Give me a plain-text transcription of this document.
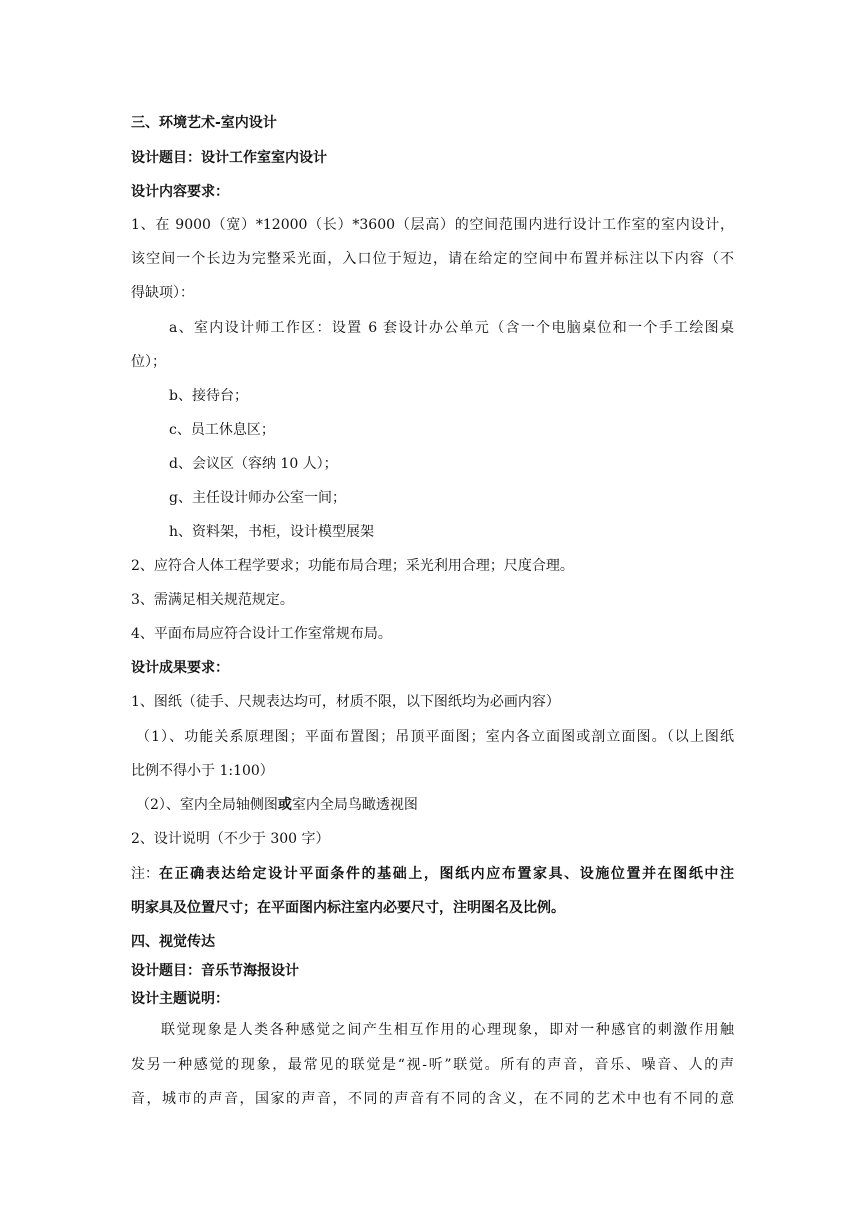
三、环境艺术-室内设计
设计题目：设计工作室室内设计
设计内容要求：
1、在 9000（宽）*12000（长）*3600（层高）的空间范围内进行设计工作室的室内设计，
该空间一个长边为完整采光面，入口位于短边，请在给定的空间中布置并标注以下内容（不
得缺项）：
a、室内设计师工作区：设置 6 套设计办公单元（含一个电脑桌位和一个手工绘图桌
位）；
b、接待台；
c、员工休息区；
d、会议区（容纳 10 人）；
g、主任设计师办公室一间；
h、资料架，书柜，设计模型展架
2、应符合人体工程学要求；功能布局合理；采光利用合理；尺度合理。
3、需满足相关规范规定。
4、平面布局应符合设计工作室常规布局。
设计成果要求：
1、图纸（徒手、尺规表达均可，材质不限，以下图纸均为必画内容）
（1）、功能关系原理图；平面布置图；吊顶平面图；室内各立面图或剖立面图。（以上图纸
比例不得小于 1:100）
（2）、室内全局轴侧图或室内全局鸟瞰透视图
2、设计说明（不少于 300 字）
注： 在正确表达给定设计平面条件的基础上，图纸内应布置家具、设施位置并在图纸中注
明家具及位置尺寸；在平面图内标注室内必要尺寸，注明图名及比例。
四、视觉传达
设计题目：音乐节海报设计
设计主题说明：
联觉现象是人类各种感觉之间产生相互作用的心理现象，即对一种感官的刺激作用触
发另一种感觉的现象，最常见的联觉是“视-听”联觉。所有的声音，音乐、噪音、人的声
音，城市的声音，国家的声音，不同的声音有不同的含义，在不同的艺术中也有不同的意
